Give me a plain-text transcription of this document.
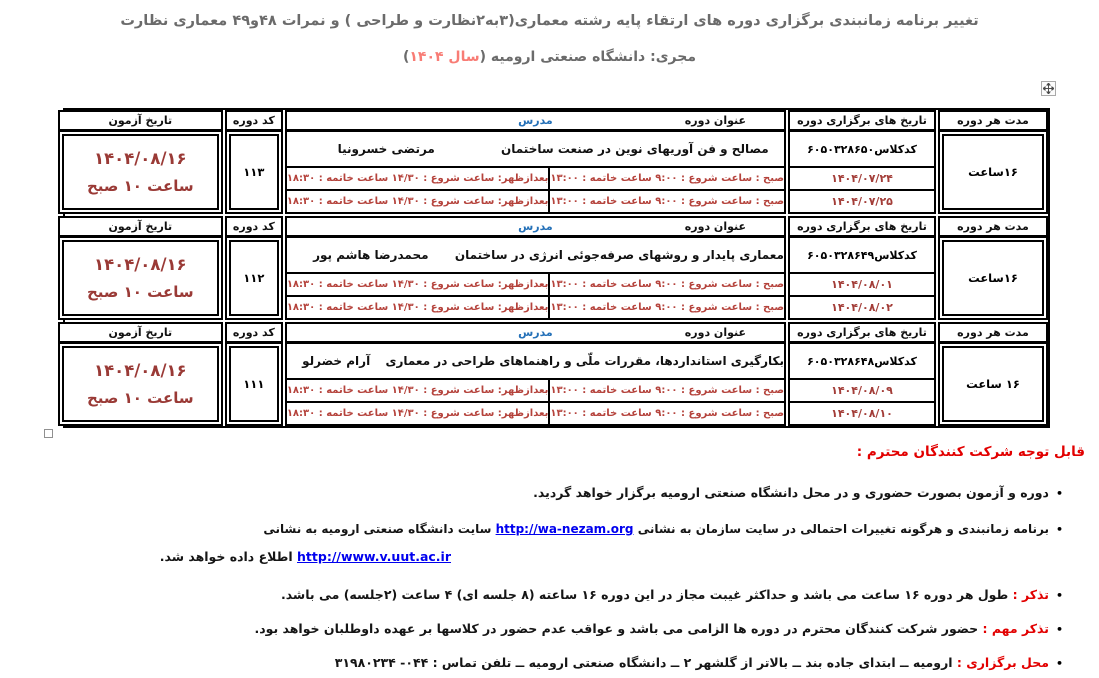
تغيير برنامه زمانبندی برگزاری دوره های ارتقاء پایه رشته معماری(۳به۲نظارت و طراحی ) و نمرات ۴۸و۴۹ معماری نظارت
مجری: دانشگاه صنعتی ارومیه (سال ۱۴۰۴)
مدت هر دوره
۱۶ساعت
تاریخ های برگزاری دوره
کدکلاس۶۰۵۰۳۲۸۶۵۰
۱۴۰۴/۰۷/۲۴
۱۴۰۴/۰۷/۲۵
عنوان دوره
مدرس
مصالح و فن آوریهای نوین در صنعت ساختمان
مرتضی خسرونیا
صبح : ساعت شروع : ۹:۰۰ ساعت خاتمه : ۱۳:۰۰
بعدازظهر: ساعت شروع : ۱۴/۳۰ ساعت خاتمه : ۱۸:۳۰
صبح : ساعت شروع : ۹:۰۰ ساعت خاتمه : ۱۳:۰۰
بعدازظهر: ساعت شروع : ۱۴/۳۰ ساعت خاتمه : ۱۸:۳۰
کد دوره
۱۱۳
تاریخ آزمون
۱۴۰۴/۰۸/۱۶
ساعت ۱۰ صبح
مدت هر دوره
۱۶ساعت
تاریخ های برگزاری دوره
کدکلاس۶۰۵۰۳۲۸۶۴۹
۱۴۰۴/۰۸/۰۱
۱۴۰۴/۰۸/۰۲
عنوان دوره
مدرس
معماری پایدار و روشهای صرفه‌جوئی انرژی در ساختمان
محمدرضا هاشم پور
صبح : ساعت شروع : ۹:۰۰ ساعت خاتمه : ۱۳:۰۰
بعدازظهر: ساعت شروع : ۱۴/۳۰ ساعت خاتمه : ۱۸:۳۰
صبح : ساعت شروع : ۹:۰۰ ساعت خاتمه : ۱۳:۰۰
بعدازظهر: ساعت شروع : ۱۴/۳۰ ساعت خاتمه : ۱۸:۳۰
کد دوره
۱۱۲
تاریخ آزمون
۱۴۰۴/۰۸/۱۶
ساعت ۱۰ صبح
مدت هر دوره
۱۶ ساعت
تاریخ های برگزاری دوره
کدکلاس۶۰۵۰۳۲۸۶۴۸
۱۴۰۴/۰۸/۰۹
۱۴۰۴/۰۸/۱۰
عنوان دوره
مدرس
بکارگیری استانداردها، مقررات ملّی و راهنماهای طراحی در معماری
آرام خضرلو
صبح : ساعت شروع : ۹:۰۰ ساعت خاتمه : ۱۳:۰۰
بعدازظهر: ساعت شروع : ۱۴/۳۰ ساعت خاتمه : ۱۸:۳۰
صبح : ساعت شروع : ۹:۰۰ ساعت خاتمه : ۱۳:۰۰
بعدازظهر: ساعت شروع : ۱۴/۳۰ ساعت خاتمه : ۱۸:۳۰
کد دوره
۱۱۱
تاریخ آزمون
۱۴۰۴/۰۸/۱۶
ساعت ۱۰ صبح
قابل توجه شرکت کنندگان محترم :
•دوره و آزمون بصورت حضوری و در محل دانشگاه صنعتی ارومیه برگزار خواهد گردید.
•برنامه زمانبندی و هرگونه تغییرات احتمالی در سایت سازمان به نشانی http://wa-nezam.org سایت دانشگاه صنعتی ارومیه به نشانی
http://www.v.uut.ac.ir اطلاع داده خواهد شد.
•تذکر : طول هر دوره ۱۶ ساعت می باشد و حداکثر غیبت مجاز در این دوره ۱۶ ساعته (۸ جلسه ای) ۴ ساعت (۲جلسه) می باشد.
•تذکر مهم : حضور شرکت کنندگان محترم در دوره ها الزامی می باشد و عواقب عدم حضور در کلاسها بر عهده داوطلبان خواهد بود.
•محل برگزاری : ارومیه ــ ابتدای جاده بند ــ بالاتر از گلشهر ۲ ــ دانشگاه صنعتی ارومیه ــ تلفن تماس : ۰۴۴- ۳۱۹۸۰۲۳۴
